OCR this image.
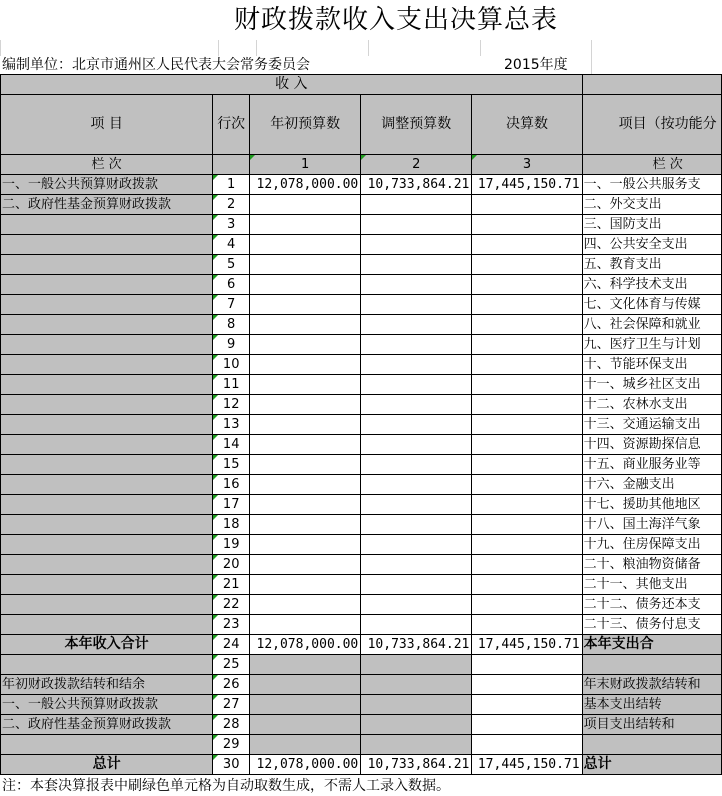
财政拨款收入支出决算总表
编制单位：北京市通州区人民代表大会常务委员会	2015年度
收 入					
项 目	行次	年初预算数	调整预算数	决算数	项目（按功能分
栏 次		1	2	3	栏 次
一、一般公共预算财政拨款	1	12,078,000.00	10,733,864.21	17,445,150.71	一、一般公共服务支
二、政府性基金预算财政拨款	2				二、外交支出
	3				三、国防支出
	4				四、公共安全支出
	5				五、教育支出
	6				六、科学技术支出
	7				七、文化体育与传媒
	8				八、社会保障和就业
	9				九、医疗卫生与计划
	10				十、节能环保支出
	11				十一、城乡社区支出
	12				十二、农林水支出
	13				十三、交通运输支出
	14				十四、资源勘探信息
	15				十五、商业服务业等
	16				十六、金融支出
	17				十七、援助其他地区
	18				十八、国土海洋气象
	19				十九、住房保障支出
	20				二十、粮油物资储备
	21				二十一、其他支出
	22				二十二、债务还本支
	23				二十三、债务付息支
本年收入合计	24	12,078,000.00	10,733,864.21	17,445,150.71	本年支出合
	25				
年初财政拨款结转和结余	26				年末财政拨款结转和
一、一般公共预算财政拨款	27				基本支出结转
二、政府性基金预算财政拨款	28				项目支出结转和
	29				
总计	30	12,078,000.00	10,733,864.21	17,445,150.71	总计
注：本套决算报表中刷绿色单元格为自动取数生成，不需人工录入数据。
